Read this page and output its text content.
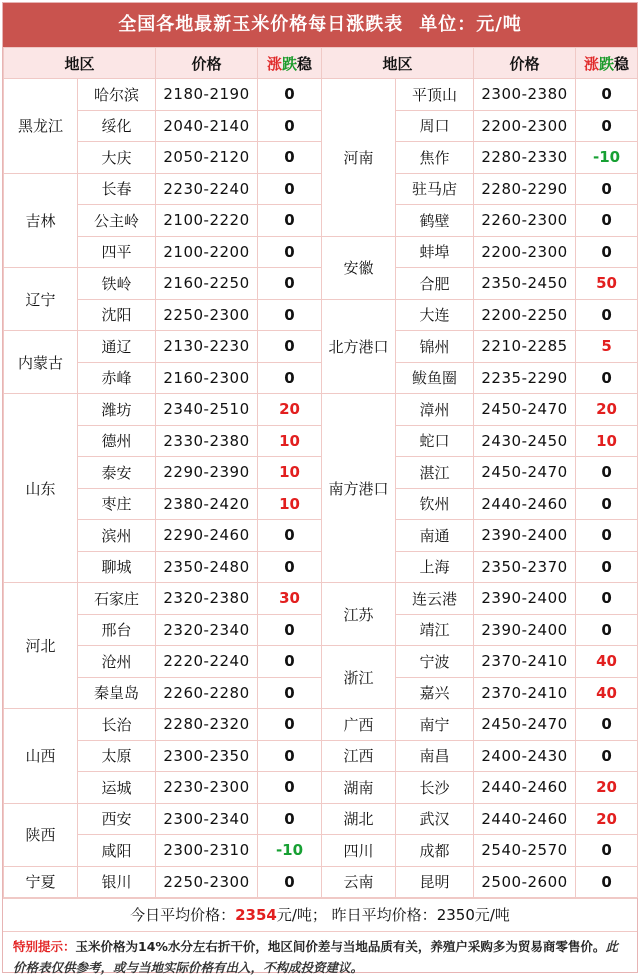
全国各地最新玉米价格每日涨跌表 单位：元/吨
地区		价格	涨跌稳	地区		价格	涨跌稳
黑龙江	哈尔滨	2180-2190	0	河南	平顶山	2300-2380	0
	绥化	2040-2140	0		周口	2200-2300	0
	大庆	2050-2120	0		焦作	2280-2330	-10
吉林	长春	2230-2240	0		驻马店	2280-2290	0
	公主岭	2100-2220	0		鹤壁	2260-2300	0
	四平	2100-2200	0	安徽	蚌埠	2200-2300	0
辽宁	铁岭	2160-2250	0		合肥	2350-2450	50
	沈阳	2250-2300	0	北方港口	大连	2200-2250	0
内蒙古	通辽	2130-2230	0		锦州	2210-2285	5
	赤峰	2160-2300	0		鲅鱼圈	2235-2290	0
山东	潍坊	2340-2510	20	南方港口	漳州	2450-2470	20
	德州	2330-2380	10		蛇口	2430-2450	10
	泰安	2290-2390	10		湛江	2450-2470	0
	枣庄	2380-2420	10		钦州	2440-2460	0
	滨州	2290-2460	0		南通	2390-2400	0
	聊城	2350-2480	0		上海	2350-2370	0
河北	石家庄	2320-2380	30	江苏	连云港	2390-2400	0
	邢台	2320-2340	0		靖江	2390-2400	0
	沧州	2220-2240	0	浙江	宁波	2370-2410	40
	秦皇岛	2260-2280	0		嘉兴	2370-2410	40
山西	长治	2280-2320	0	广西	南宁	2450-2470	0
	太原	2300-2350	0	江西	南昌	2400-2430	0
	运城	2230-2300	0	湖南	长沙	2440-2460	20
陕西	西安	2300-2340	0	湖北	武汉	2440-2460	20
	咸阳	2300-2310	-10	四川	成都	2540-2570	0
宁夏	银川	2250-2300	0	云南	昆明	2500-2600	0
今日平均价格：2354元/吨； 昨日平均价格：2350元/吨
特别提示：玉米价格为14%水分左右折干价，地区间价差与当地品质有关，养殖户采购多为贸易商零售价。此价格表仅供参考，或与当地实际价格有出入，不构成投资建议。
